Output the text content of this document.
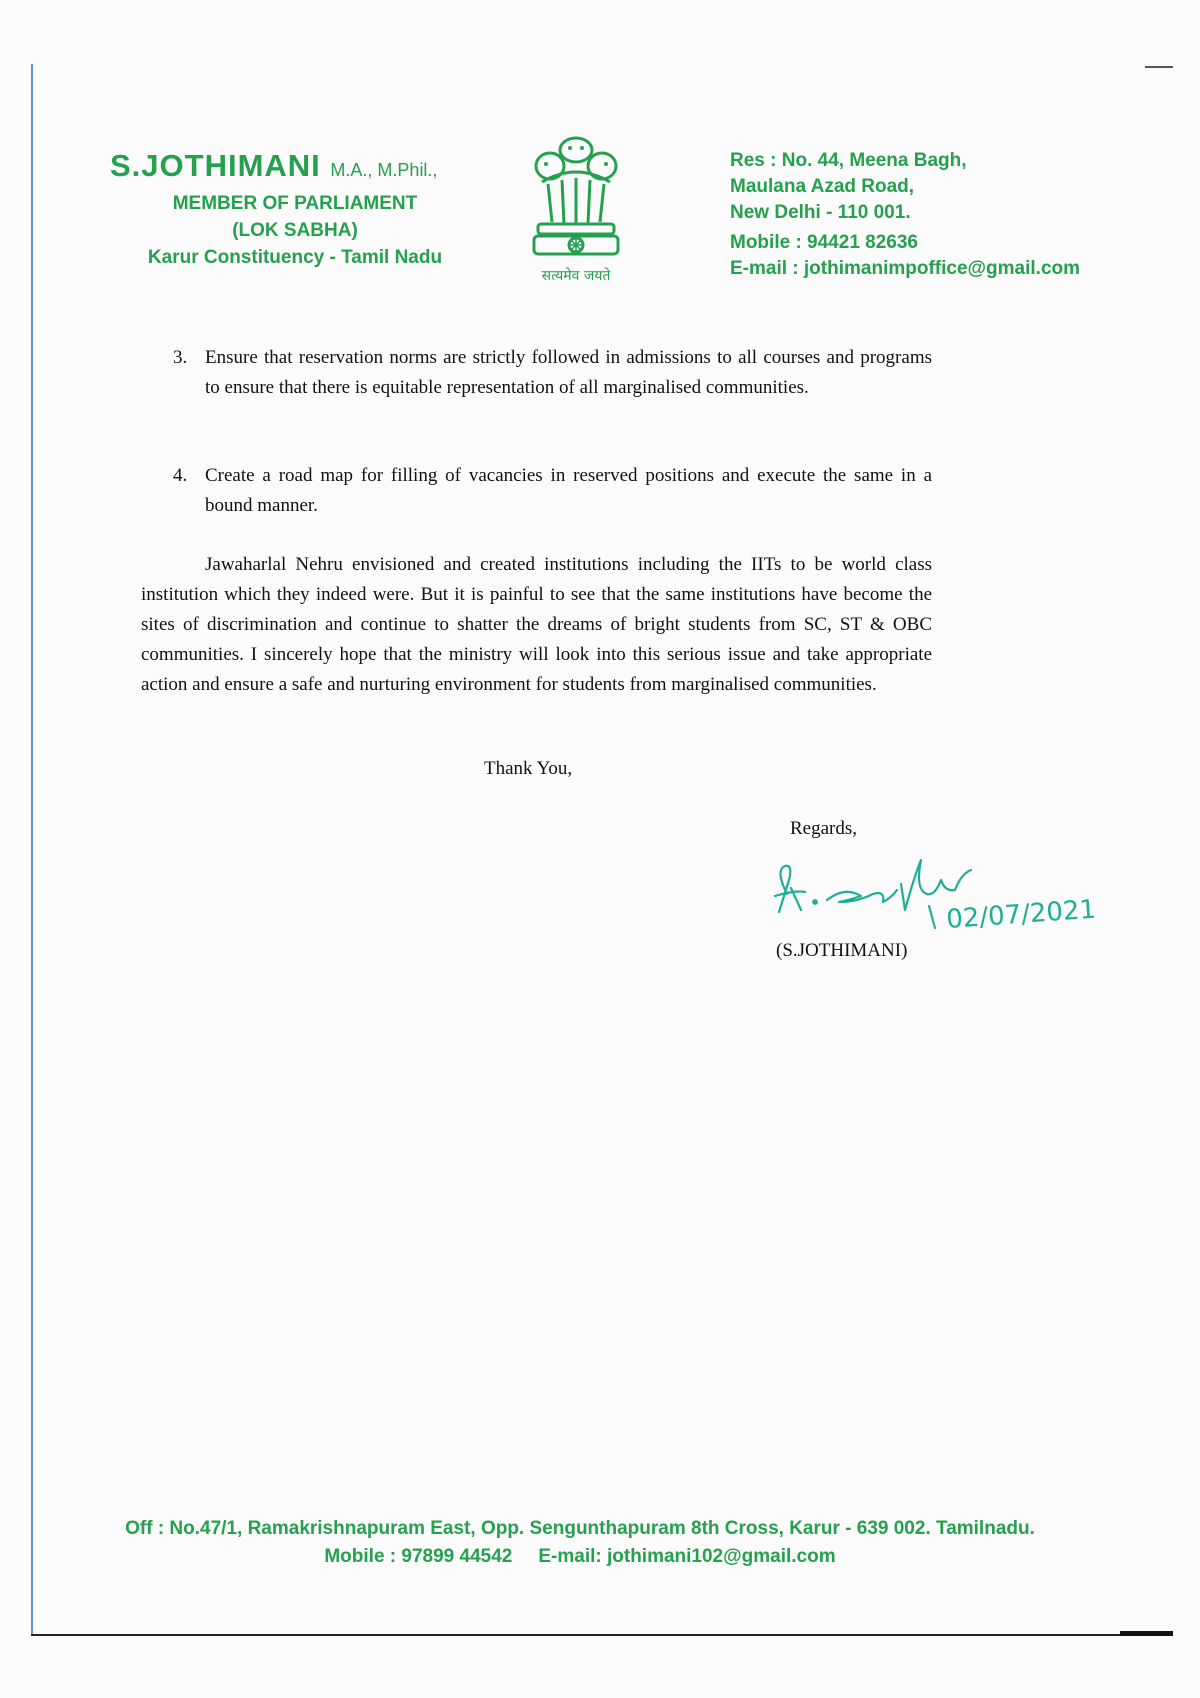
S.JOTHIMANI M.A., M.Phil.,
MEMBER OF PARLIAMENT
(LOK SABHA)
Karur Constituency - Tamil Nadu
सत्यमेव जयते
Res : No. 44, Meena Bagh,
Maulana Azad Road,
New Delhi - 110 001.
Mobile : 94421 82636
E-mail : jothimanimpoffice@gmail.com
3. Ensure that reservation norms are strictly followed in admissions to all courses and programs to ensure that there is equitable representation of all marginalised communities.
4. Create a road map for filling of vacancies in reserved positions and execute the same in a bound manner.
Jawaharlal Nehru envisioned and created institutions including the IITs to be world class institution which they indeed were. But it is painful to see that the same institutions have become the sites of discrimination and continue to shatter the dreams of bright students from SC, ST & OBC communities. I sincerely hope that the ministry will look into this serious issue and take appropriate action and ensure a safe and nurturing environment for students from marginalised communities.
Thank You,
Regards,
02/07/2021
(S.JOTHIMANI)
Off : No.47/1, Ramakrishnapuram East, Opp. Sengunthapuram 8th Cross, Karur - 639 002. Tamilnadu.
Mobile : 97899 44542 E-mail: jothimani102@gmail.com
